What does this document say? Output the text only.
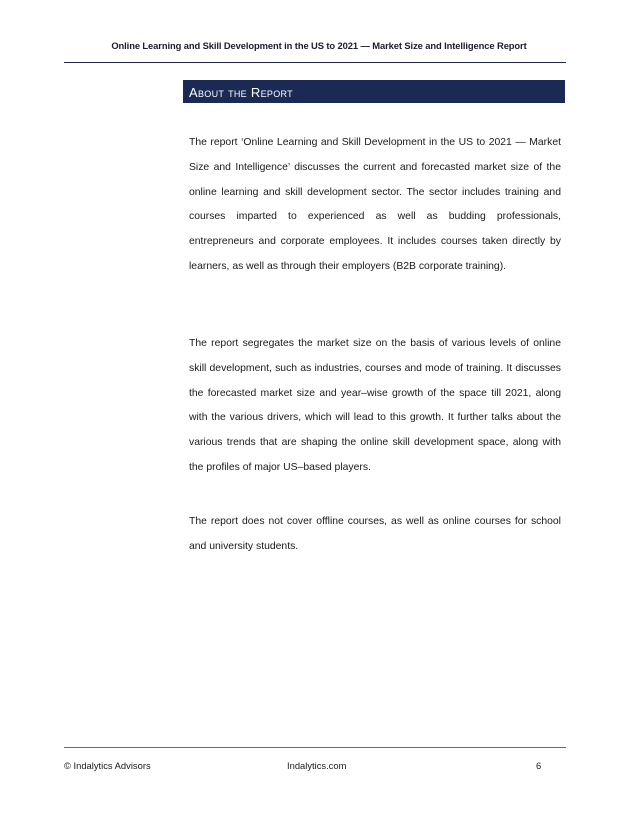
Online Learning and Skill Development in the US to 2021 — Market Size and Intelligence Report
About the Report

The report ‘Online Learning and Skill Development in the US to 2021 — Market Size and Intelligence’ discusses the current and forecasted market size of the online learning and skill development sector. The sector includes training and courses imparted to experienced as well as budding professionals, entrepreneurs and corporate employees. It includes courses taken directly by learners, as well as through their employers (B2B corporate training).

The report segregates the market size on the basis of various levels of online skill development, such as industries, courses and mode of training. It discusses the forecasted market size and year–wise growth of the space till 2021, along with the various drivers, which will lead to this growth. It further talks about the various trends that are shaping the online skill development space, along with the profiles of major US–based players.

The report does not cover offline courses, as well as online courses for school and university students.

© Indalytics Advisors	Indalytics.com	6
